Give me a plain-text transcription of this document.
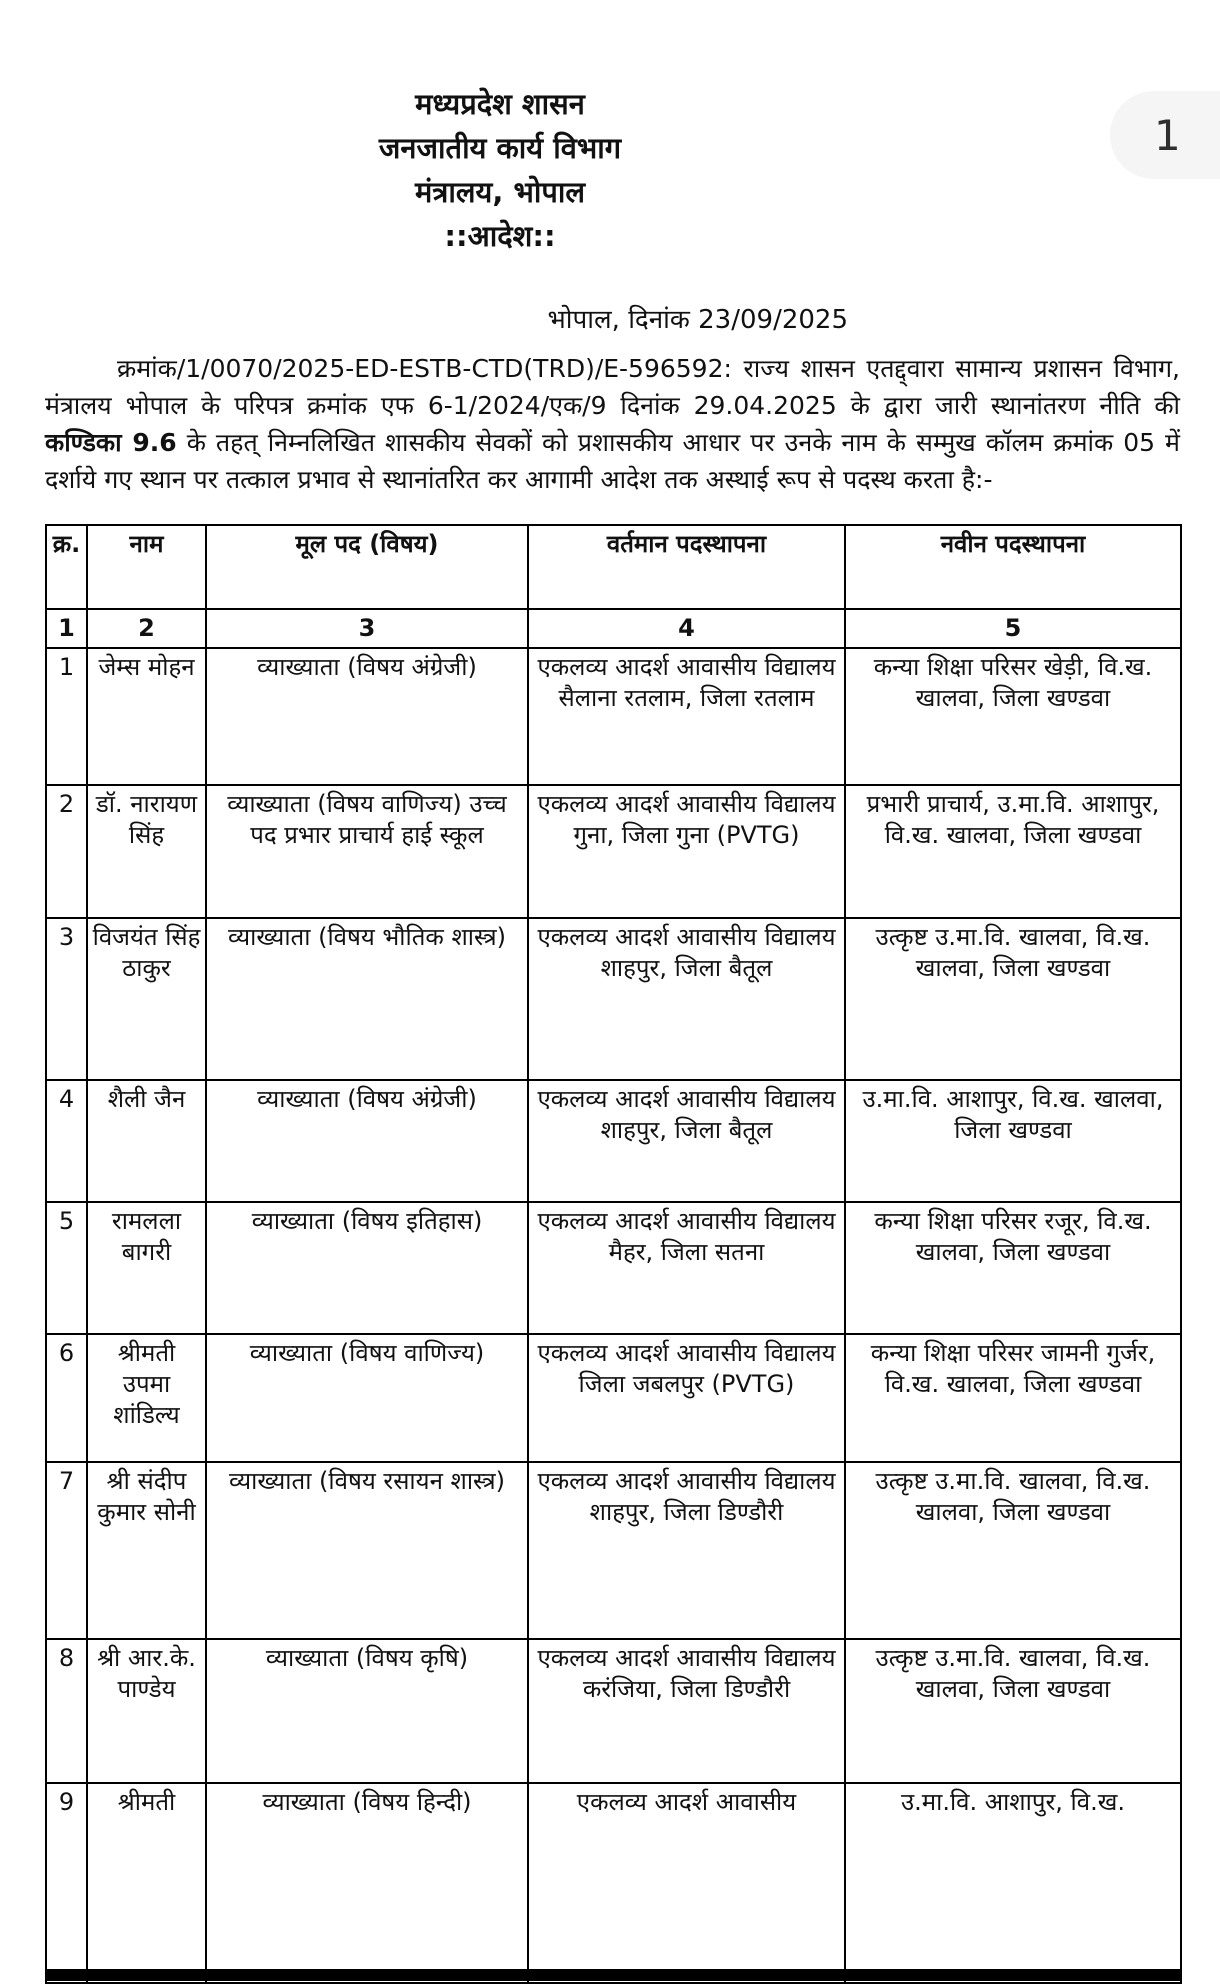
1
मध्यप्रदेश शासन
जनजातीय कार्य विभाग
मंत्रालय, भोपाल
::आदेश::
भोपाल, दिनांक 23/09/2025

क्रमांक/1/0070/2025-ED-ESTB-CTD(TRD)/E-596592: राज्य शासन एतद्द्वारा सामान्य प्रशासन विभाग, मंत्रालय भोपाल के परिपत्र क्रमांक एफ 6-1/2024/एक/9 दिनांक 29.04.2025 के द्वारा जारी स्थानांतरण नीति की कण्डिका 9.6 के तहत् निम्नलिखित शासकीय सेवकों को प्रशासकीय आधार पर उनके नाम के सम्मुख कॉलम क्रमांक 05 में दर्शाये गए स्थान पर तत्काल प्रभाव से स्थानांतरित कर आगामी आदेश तक अस्थाई रूप से पदस्थ करता है:-

क्र.	नाम	मूल पद (विषय)	वर्तमान पदस्थापना	नवीन पदस्थापना
1	2	3	4	5
1	जेम्स मोहन	व्याख्याता (विषय अंग्रेजी)	एकलव्य आदर्श आवासीय विद्यालय सैलाना रतलाम, जिला रतलाम	कन्या शिक्षा परिसर खेड़ी, वि.ख. खालवा, जिला खण्डवा
2	डॉ. नारायण सिंह	व्याख्याता (विषय वाणिज्य) उच्च पद प्रभार प्राचार्य हाई स्कूल	एकलव्य आदर्श आवासीय विद्यालय गुना, जिला गुना (PVTG)	प्रभारी प्राचार्य, उ.मा.वि. आशापुर, वि.ख. खालवा, जिला खण्डवा
3	विजयंत सिंह ठाकुर	व्याख्याता (विषय भौतिक शास्त्र)	एकलव्य आदर्श आवासीय विद्यालय शाहपुर, जिला बैतूल	उत्कृष्ट उ.मा.वि. खालवा, वि.ख. खालवा, जिला खण्डवा
4	शैली जैन	व्याख्याता (विषय अंग्रेजी)	एकलव्य आदर्श आवासीय विद्यालय शाहपुर, जिला बैतूल	उ.मा.वि. आशापुर, वि.ख. खालवा, जिला खण्डवा
5	रामलला बागरी	व्याख्याता (विषय इतिहास)	एकलव्य आदर्श आवासीय विद्यालय मैहर, जिला सतना	कन्या शिक्षा परिसर रजूर, वि.ख. खालवा, जिला खण्डवा
6	श्रीमती उपमा शांडिल्य	व्याख्याता (विषय वाणिज्य)	एकलव्य आदर्श आवासीय विद्यालय जिला जबलपुर (PVTG)	कन्या शिक्षा परिसर जामनी गुर्जर, वि.ख. खालवा, जिला खण्डवा
7	श्री संदीप कुमार सोनी	व्याख्याता (विषय रसायन शास्त्र)	एकलव्य आदर्श आवासीय विद्यालय शाहपुर, जिला डिण्डौरी	उत्कृष्ट उ.मा.वि. खालवा, वि.ख. खालवा, जिला खण्डवा
8	श्री आर.के. पाण्डेय	व्याख्याता (विषय कृषि)	एकलव्य आदर्श आवासीय विद्यालय करंजिया, जिला डिण्डौरी	उत्कृष्ट उ.मा.वि. खालवा, वि.ख. खालवा, जिला खण्डवा
9	श्रीमती	व्याख्याता (विषय हिन्दी)	एकलव्य आदर्श आवासीय	उ.मा.वि. आशापुर, वि.ख.
